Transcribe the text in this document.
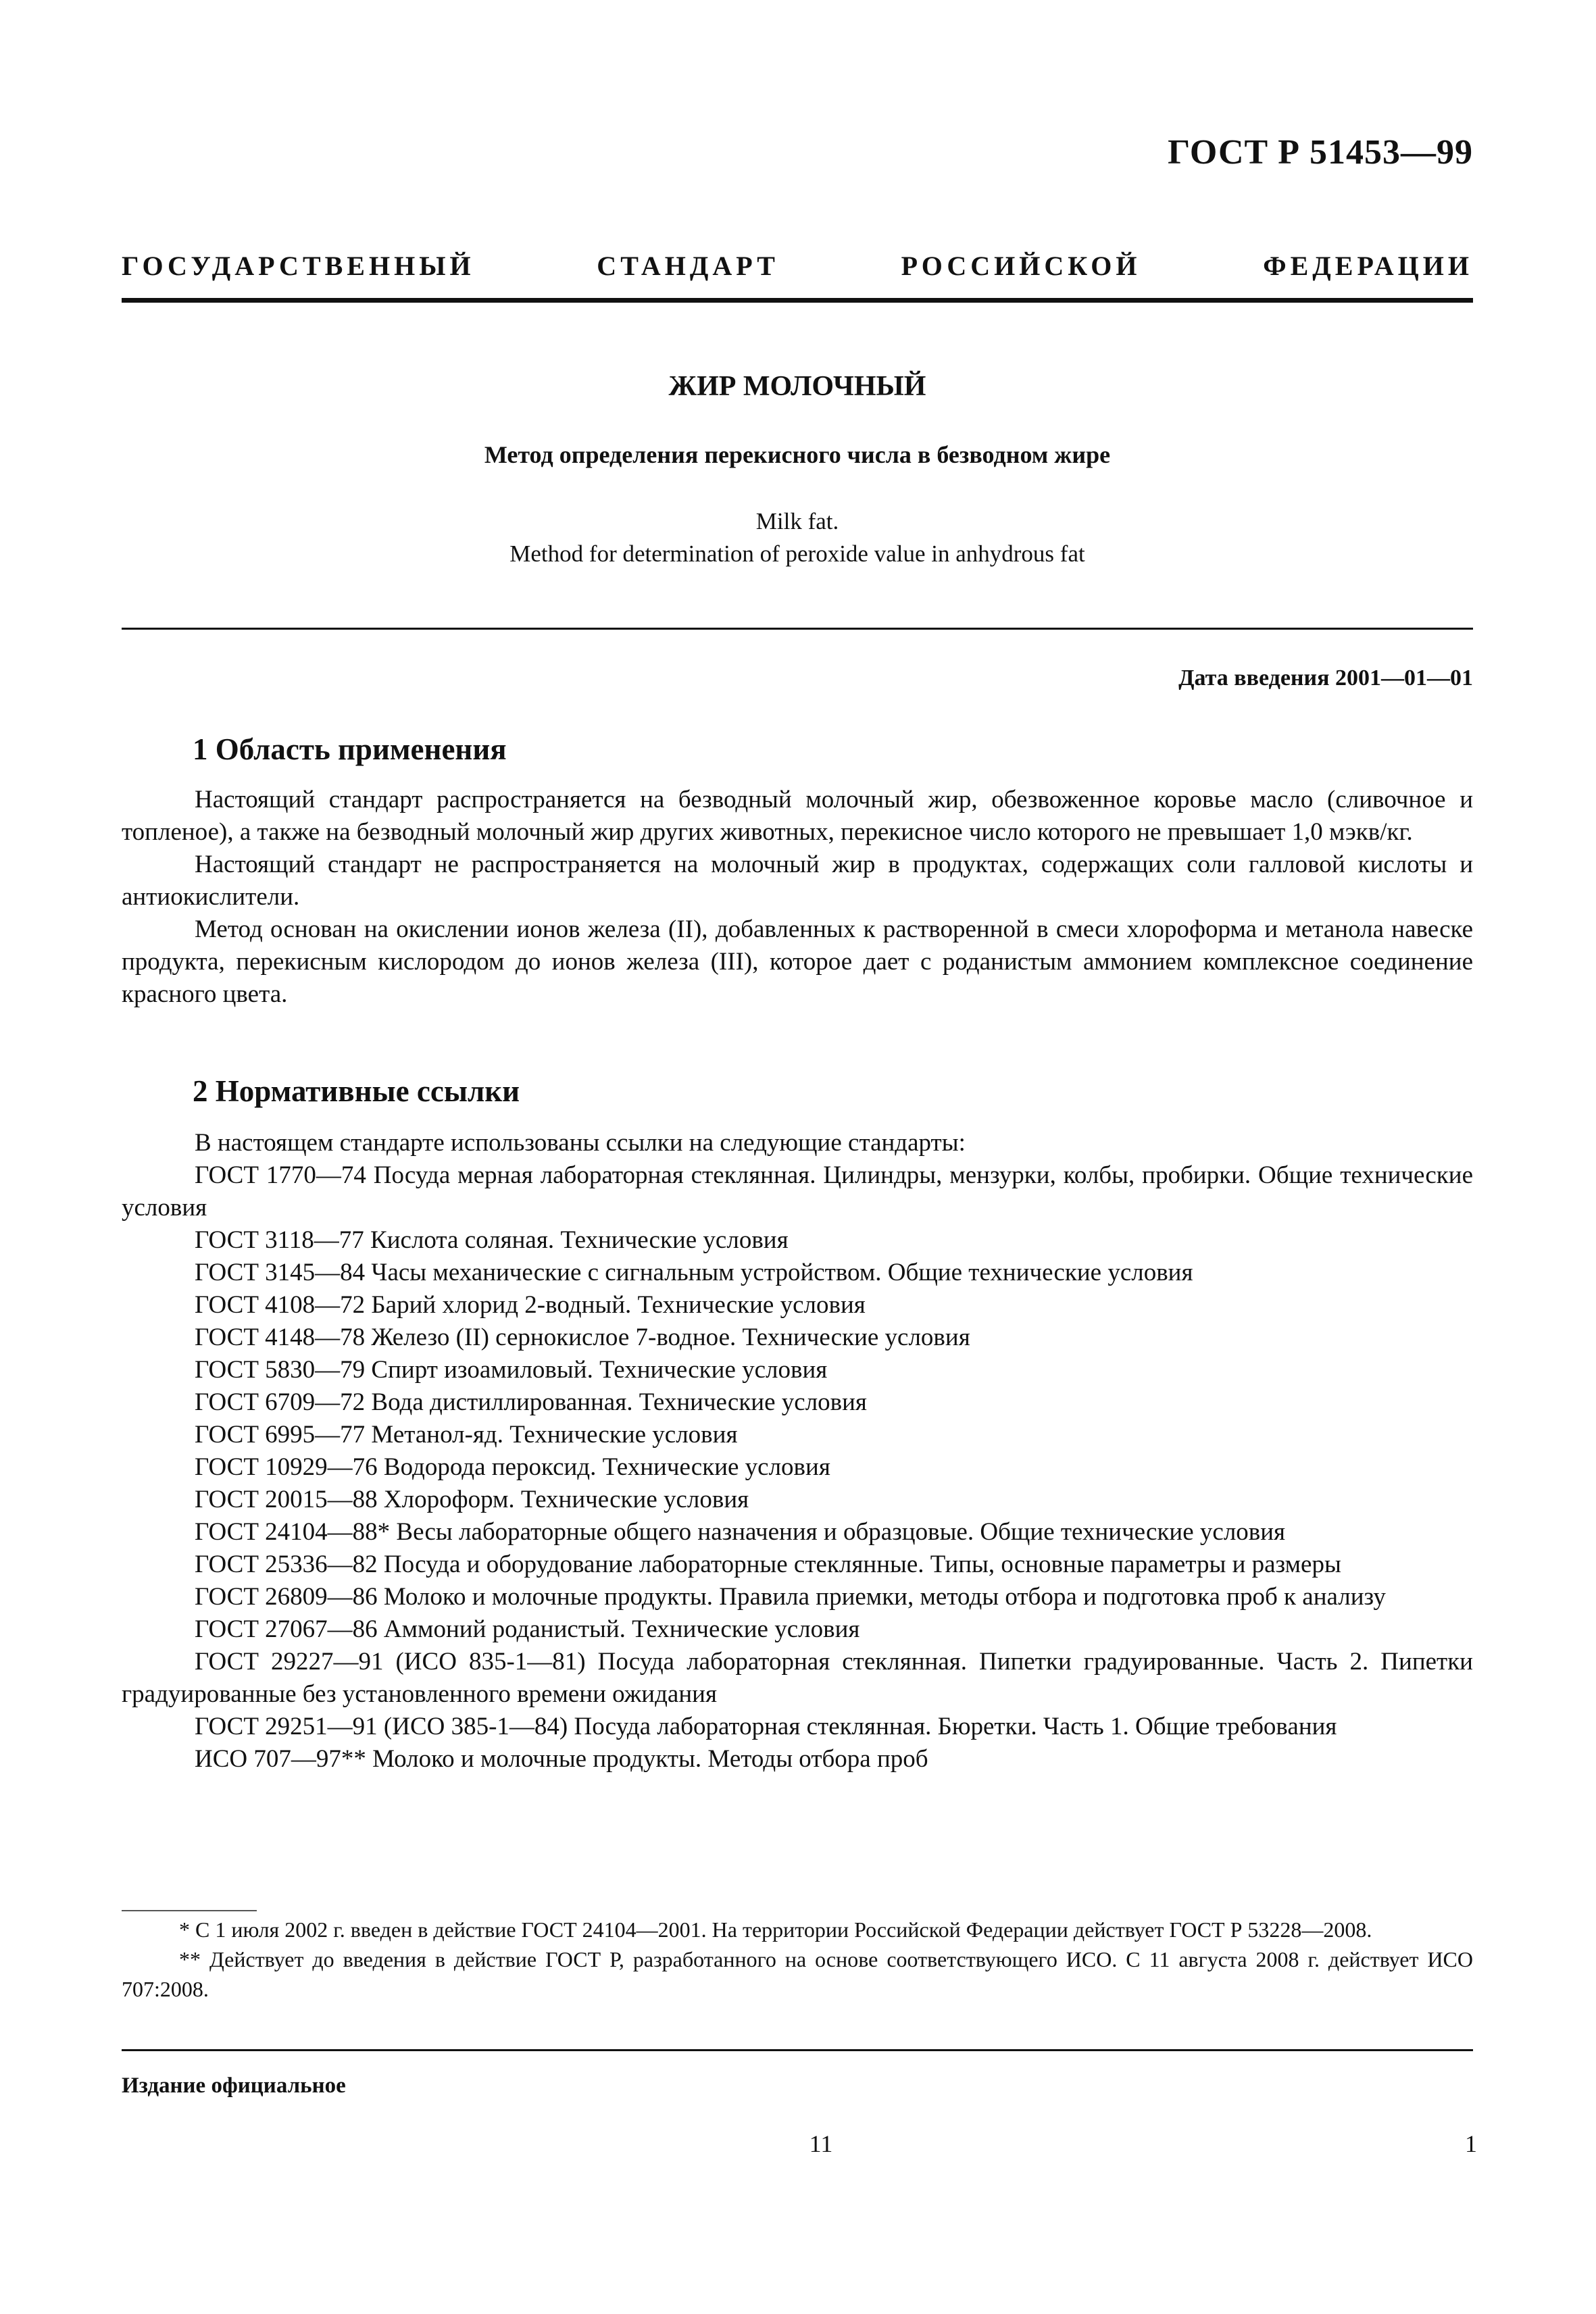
ГОСТ Р 51453—99
ГОСУДАРСТВЕННЫЙ СТАНДАРТ РОССИЙСКОЙ ФЕДЕРАЦИИ
ЖИР МОЛОЧНЫЙ
Метод определения перекисного числа в безводном жире
Milk fat.
Method for determination of peroxide value in anhydrous fat
Дата введения 2001—01—01
1 Область применения

Настоящий стандарт распространяется на безводный молочный жир, обезвоженное коровье масло (сливочное и топленое), а также на безводный молочный жир других животных, перекисное число которого не превышает 1,0 мэкв/кг.

Настоящий стандарт не распространяется на молочный жир в продуктах, содержащих соли галловой кислоты и антиокислители.

Метод основан на окислении ионов железа (II), добавленных к растворенной в смеси хлороформа и метанола навеске продукта, перекисным кислородом до ионов железа (III), которое дает с роданистым аммонием комплексное соединение красного цвета.

2 Нормативные ссылки

В настоящем стандарте использованы ссылки на следующие стандарты:

ГОСТ 1770—74 Посуда мерная лабораторная стеклянная. Цилиндры, мензурки, колбы, пробирки. Общие технические условия

ГОСТ 3118—77 Кислота соляная. Технические условия

ГОСТ 3145—84 Часы механические с сигнальным устройством. Общие технические условия

ГОСТ 4108—72 Барий хлорид 2-водный. Технические условия

ГОСТ 4148—78 Железо (II) сернокислое 7-водное. Технические условия

ГОСТ 5830—79 Спирт изоамиловый. Технические условия

ГОСТ 6709—72 Вода дистиллированная. Технические условия

ГОСТ 6995—77 Метанол-яд. Технические условия

ГОСТ 10929—76 Водорода пероксид. Технические условия

ГОСТ 20015—88 Хлороформ. Технические условия

ГОСТ 24104—88* Весы лабораторные общего назначения и образцовые. Общие технические условия

ГОСТ 25336—82 Посуда и оборудование лабораторные стеклянные. Типы, основные параметры и размеры

ГОСТ 26809—86 Молоко и молочные продукты. Правила приемки, методы отбора и подготовка проб к анализу

ГОСТ 27067—86 Аммоний роданистый. Технические условия

ГОСТ 29227—91 (ИСО 835-1—81) Посуда лабораторная стеклянная. Пипетки градуированные. Часть 2. Пипетки градуированные без установленного времени ожидания

ГОСТ 29251—91 (ИСО 385-1—84) Посуда лабораторная стеклянная. Бюретки. Часть 1. Общие требования

ИСО 707—97** Молоко и молочные продукты. Методы отбора проб

* С 1 июля 2002 г. введен в действие ГОСТ 24104—2001. На территории Российской Федерации действует ГОСТ Р 53228—2008.

** Действует до введения в действие ГОСТ Р, разработанного на основе соответствующего ИСО. С 11 августа 2008 г. действует ИСО 707:2008.

Издание официальное
11	1
